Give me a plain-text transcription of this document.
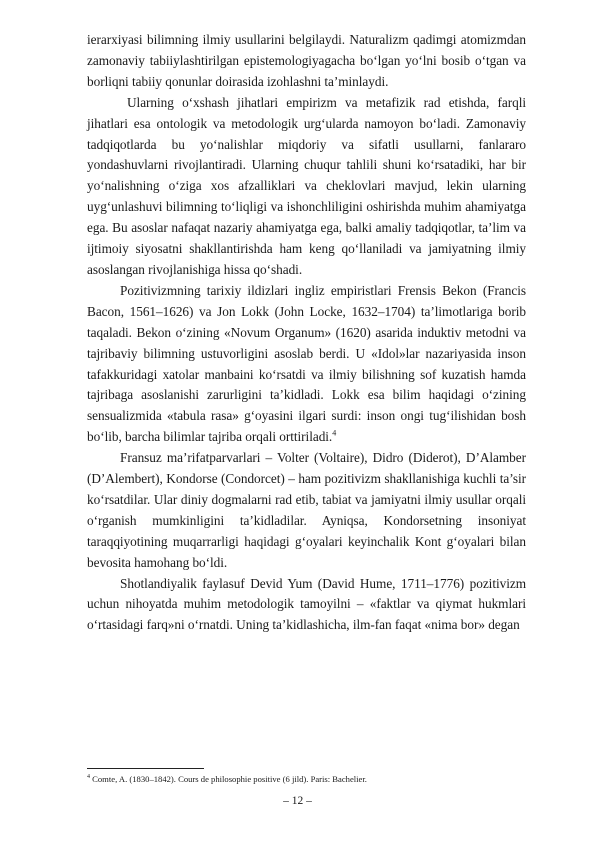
ierarxiyasi bilimning ilmiy usullarini belgilaydi. Naturalizm qadimgi atomizmdan zamonaviy tabiiylashtirilgan epistemologiyagacha bo‘lgan yo‘lni bosib o‘tgan va borliqni tabiiy qonunlar doirasida izohlashni ta’minlaydi.

Ularning o‘xshash jihatlari empirizm va metafizik rad etishda, farqli jihatlari esa ontologik va metodologik urg‘ularda namoyon bo‘ladi. Zamonaviy tadqiqotlarda bu yo‘nalishlar miqdoriy va sifatli usullarni, fanlararo yondashuvlarni rivojlantiradi. Ularning chuqur tahlili shuni ko‘rsatadiki, har bir yo‘nalishning o‘ziga xos afzalliklari va cheklovlari mavjud, lekin ularning uyg‘unlashuvi bilimning to‘liqligi va ishonchliligini oshirishda muhim ahamiyatga ega. Bu asoslar nafaqat nazariy ahamiyatga ega, balki amaliy tadqiqotlar, ta’lim va ijtimoiy siyosatni shakllantirishda ham keng qo‘llaniladi va jamiyatning ilmiy asoslangan rivojlanishiga hissa qo‘shadi.

Pozitivizmning tarixiy ildizlari ingliz empiristlari Frensis Bekon (Francis Bacon, 1561–1626) va Jon Lokk (John Locke, 1632–1704) ta’limotlariga borib taqaladi. Bekon o‘zining «Novum Organum» (1620) asarida induktiv metodni va tajribaviy bilimning ustuvorligini asoslab berdi. U «Idol»lar nazariyasida inson tafakkuridagi xatolar manbaini ko‘rsatdi va ilmiy bilishning sof kuzatish hamda tajribaga asoslanishi zarurligini ta’kidladi. Lokk esa bilim haqidagi o‘zining sensualizmida «tabula rasa» g‘oyasini ilgari surdi: inson ongi tug‘ilishidan bosh bo‘lib, barcha bilimlar tajriba orqali orttiriladi.$^4$

Fransuz ma’rifatparvarlari – Volter (Voltaire), Didro (Diderot), D’Alamber (D’Alembert), Kondorse (Condorcet) – ham pozitivizm shakllanishiga kuchli ta’sir ko‘rsatdilar. Ular diniy dogmalarni rad etib, tabiat va jamiyatni ilmiy usullar orqali o‘rganish mumkinligini ta’kidladilar. Ayniqsa, Kondorsetning insoniyat taraqqiyotining muqarrarligi haqidagi g‘oyalari keyinchalik Kont g‘oyalari bilan bevosita hamohang bo‘ldi.

Shotlandiyalik faylasuf Devid Yum (David Hume, 1711–1776) pozitivizm uchun nihoyatda muhim metodologik tamoyilni – «faktlar va qiymat hukmlari o‘rtasidagi farq»ni o‘rnatdi. Uning ta’kidlashicha, ilm-fan faqat «nima bor» degan

$^4$ Comte, A. (1830–1842). Cours de philosophie positive (6 jild). Paris: Bachelier.
– 12 –
